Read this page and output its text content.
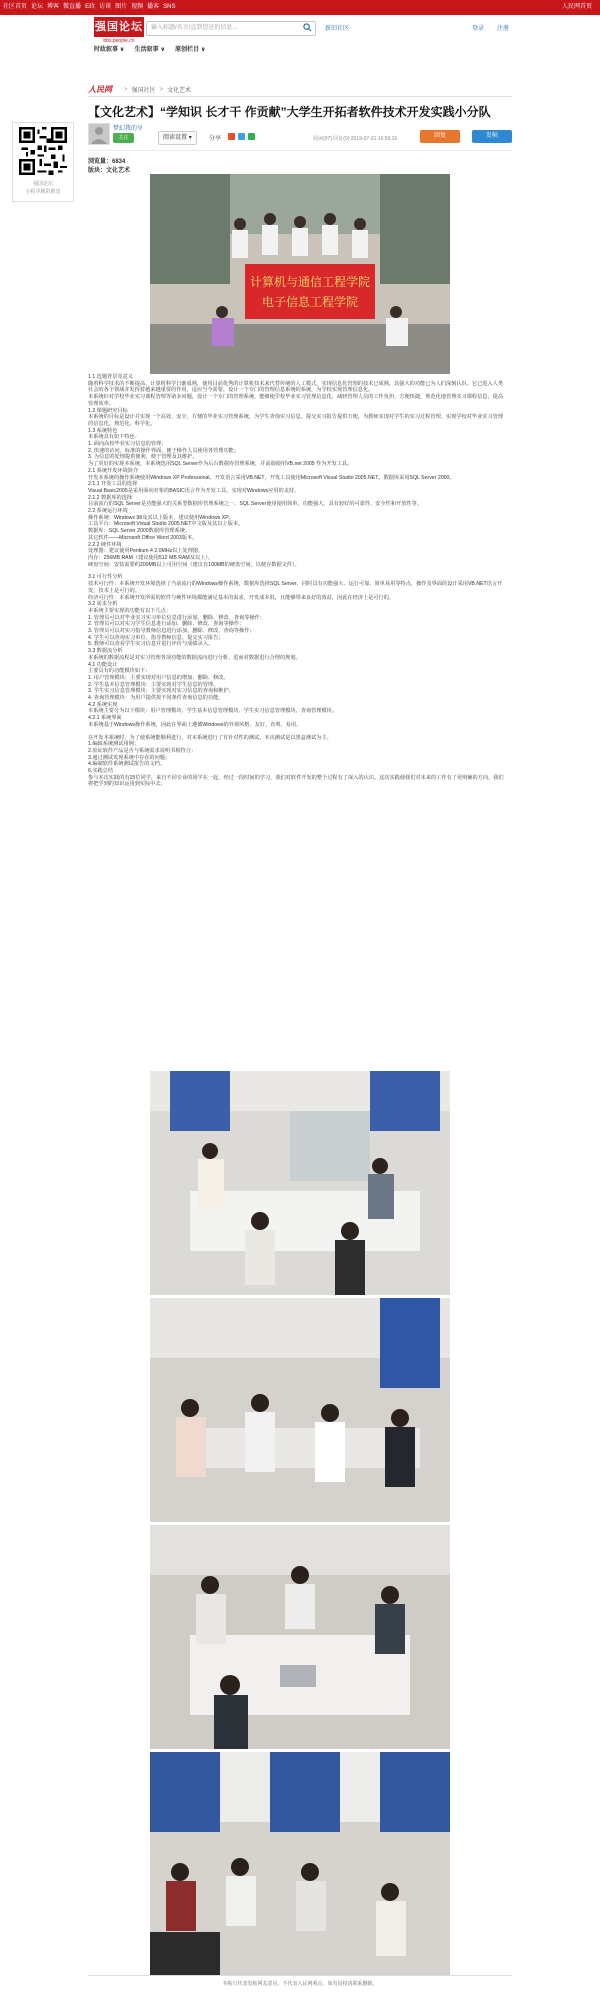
社区首页 论坛 博客 微直播 E政 访谈 图片 视频 播客 SNS	人民网首页
强国论坛
bbs.people.cn
输入标题/名言/直到您还的信息...	新旧社区	登录 注册
时政叙事 ∨ 生活叙事 ∨ 原创栏目 ∨
人民网	> 强国社区 > 文化艺术
强国论坛
小程序精彩推送
【文化艺术】“学知识 长才干 作贡献”大学生开拓者软件技术开发实践小分队
梦幻我的呈
关注	阅读设置 ▾	分享	阅读(97) 回复(0) 2019-07-31 16:59:16	回复	发帖
浏览量：6834
版块：文化艺术
计算机与通信工程学院
电子信息工程学院

1.1 选题背景及意义

随着科学技术的不断提高，计算机科学日渐成熟，使用目前优秀的计算机技术来代替传统的人工模式，实现信息化管理的技术已成熟，其强大的功能已为人们深刻认识。它已进入人类社会的各个领域并发挥着越来越重要的作用，适应当今需要。设计一个专门的管理信息系统的系统，为学校实现管理信息化。

本系统针对学校毕业实习课程管理等诸多问题，设计一个专门的管理系统，能够使学校毕业实习管理信息化，减轻管理人员的工作负担，方便快捷，规范化地管理实习课程信息，提高管理效率。

1.2 课题研究目标

本系统的目标是设计并实现一个高效、安全、方便的毕业实习管理系统，为学生查询实习信息、提交实习报告提供方便，为教师实现对学生的实习过程管理，实现学校对毕业实习管理的信息化、规范化、科学化。

1.3 系统特色

本系统具有如下特色：

1. 面向高校毕业实习信息的管理；

2. 快速的访问，标准的操作界面，便于操作人员使用各管理功能；

3. 为信息的处理提供便利，便于管理及其维护。

为了更好的实现本系统，本系统选用SQL Server作为后台数据库管理系统，并前端使用VB.net 2005 作为开发工具。

2.1 系统开发环境简介

开发本系统的操作系统使用Windows XP Professional，开发语言采用VB.NET，开发工具使用Microsoft Visual Studio 2005.NET，数据库采用SQL Server 2000。

2.1.1 开发工具的选择

Visual Basic2005是采用面向对象的BASIC语言作为开发工具，实现对Windows应用的支持。

2.1.2 数据库的选择

目前流行的SQL Server是功能强大的关系型数据库管理系统之一，SQL Server使用使用简单、功能强大，具有较好的可靠性、安全性和开放性等。

2.2 系统运行环境

操作系统：Windows 98及其以上版本，建议使用Windows XP。

工具平台：Microsoft Visual Studio 2005.NET中文版及其以上版本。

数据库：SQL Server 2000数据库管理系统。

其它软件——Microsoft Office Word 2003版本。

2.2.2 硬件环境

处理器：建议使用Pentium 4 2.0MHz以上处理器。

内存：256MB RAM（建议使用512 MB RAM及以上）。

硬盘空间：安装需要约200MB以上可用空间（建议有100MB的硬盘空间，以便存数据文件）。

3.1 可行性分析

技术可行性：本系统开发环境选择了当前流行的Windows操作系统，数据库选择SQL Server，同时具有功能强大、运行可靠、简单易用等特点，操作及界面的设计采用VB.NET语言开发，技术上是可行的。

经济可行性：本系统开发所需的软件与硬件环境都能满足基本的需求，开发成本低，且能够带来良好的效益，因此在经济上是可行的。

3.2 需求分析

本系统主要实现的功能有以下几点：

1. 管理员可以对毕业实习实习单位信息进行添加、删除、修改、查询等操作；

2. 管理员可以对实习学生信息进行添加、删除、修改、查询等操作；

3. 管理员可以对实习指导教师信息进行添加、删除、修改、查询等操作；

4. 学生可以查询实习单位、指导教师信息，提交实习报告；

5. 教师可以查看学生实习信息并进行评价与成绩录入。

3.3 数据流分析

本系统的数据流程是对实习管理各项功能的数据流向进行分析，进而对数据进行合理的规划。

4.1 功能设计

主要具有的功能模块如下：

1. 用户管理模块：主要实现对用户信息的增加、删除、修改。

2. 学生基本信息管理模块：主要实现对学生信息的管理。

3. 学生实习信息管理模块：主要实现对实习信息的查询和维护。

4. 查询管理模块：为用户提供按不同条件查询信息的功能。

4.2 系统实现

本系统主要分为以下模块：用户管理模块、学生基本信息管理模块、学生实习信息管理模块、查询管理模块。

4.2.1 系统界面

本系统基于Windows操作系统，因此在界面上遵循Windows的外观风格，友好、直观、易用。

在开发本系统时，为了使系统能顺利进行，对本系统进行了有针对性的测试，本次测试是以黑盒测试为主。

1.编辑系统测试用例；

2.验证软件产品是否与系统需求说明书相符合；

3.通过测试发现系统中存在的问题；

4.编制软件系统测试报告的文档。

6.实践总结

参与本次实践的有15位同学，来自不同专业的同学在一起，经过一段时间的学习，我们对软件开发的整个过程有了深入的认识。这次实践使我们对未来的工作有了更明确的方向，我们将把学到的知识运用到实际中去。

本帖只代表发帖网友意见，不代表人民网观点，如有侵权请联系删除。
